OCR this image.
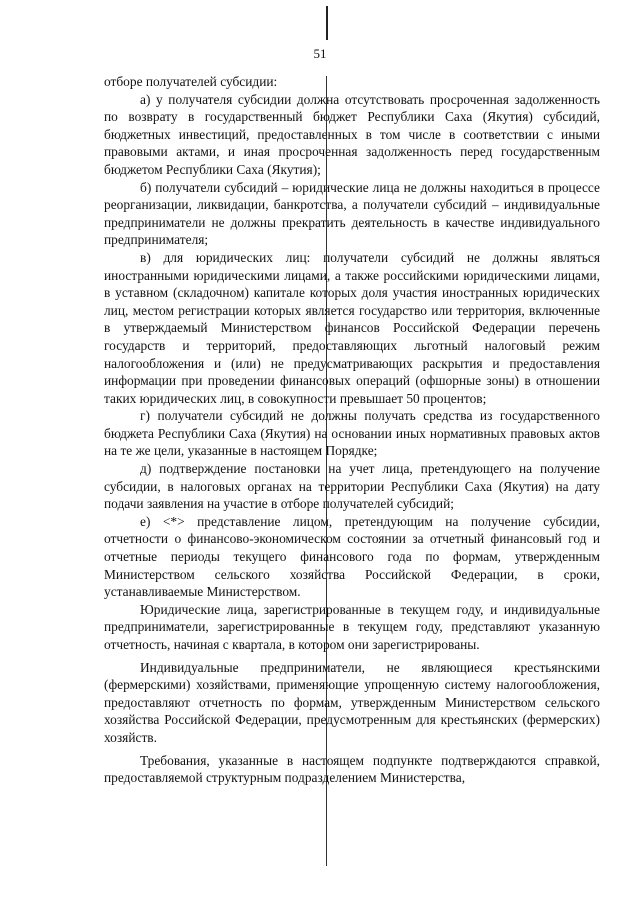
51

отборе получателей субсидии:

а) у получателя субсидии должна отсутствовать просроченная задолженность по возврату в государственный бюджет Республики Саха (Якутия) субсидий, бюджетных инвестиций, предоставленных в том числе в соответствии с иными правовыми актами, и иная просроченная задолженность перед государственным бюджетом Республики Саха (Якутия);

б) получатели субсидий – юридические лица не должны находиться в процессе реорганизации, ликвидации, банкротства, а получатели субсидий – индивидуальные предприниматели не должны прекратить деятельность в качестве индивидуального предпринимателя;

в) для юридических лиц: получатели субсидий не должны являться иностранными юридическими лицами, а также российскими юридическими лицами, в уставном (складочном) капитале которых доля участия иностранных юридических лиц, местом регистрации которых является государство или территория, включенные в утверждаемый Министерством финансов Российской Федерации перечень государств и территорий, предоставляющих льготный налоговый режим налогообложения и (или) не предусматривающих раскрытия и предоставления информации при проведении финансовых операций (офшорные зоны) в отношении таких юридических лиц, в совокупности превышает 50 процентов;

г) получатели субсидий не должны получать средства из государственного бюджета Республики Саха (Якутия) на основании иных нормативных правовых актов на те же цели, указанные в настоящем Порядке;

д) подтверждение постановки на учет лица, претендующего на получение субсидии, в налоговых органах на территории Республики Саха (Якутия) на дату подачи заявления на участие в отборе получателей субсидий;

е) <*> представление лицом, претендующим на получение субсидии, отчетности о финансово-экономическом состоянии за отчетный финансовый год и отчетные периоды текущего финансового года по формам, утвержденным Министерством сельского хозяйства Российской Федерации, в сроки, устанавливаемые Министерством.

Юридические лица, зарегистрированные в текущем году, и индивидуальные предприниматели, зарегистрированные в текущем году, представляют указанную отчетность, начиная с квартала, в котором они зарегистрированы.

Индивидуальные предприниматели, не являющиеся крестьянскими (фермерскими) хозяйствами, применяющие упрощенную систему налогообложения, предоставляют отчетность по формам, утвержденным Министерством сельского хозяйства Российской Федерации, предусмотренным для крестьянских (фермерских) хозяйств.

Требования, указанные в настоящем подпункте подтверждаются справкой, предоставляемой структурным подразделением Министерства,
